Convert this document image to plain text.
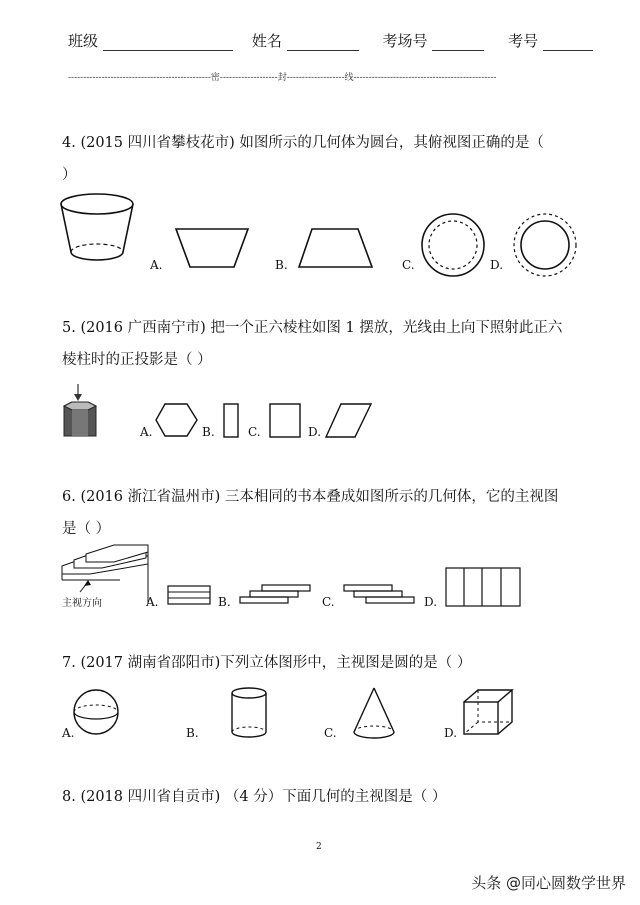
班级	姓名	考场号	考号
-----------------------------------------------密-------------------封-------------------线-----------------------------------------------
4. (2015 四川省攀枝花市) 如图所示的几何体为圆台，其俯视图正确的是（
）
A.	B.	C.	D.
5. (2016 广西南宁市) 把一个正六棱柱如图 1 摆放，光线由上向下照射此正六
棱柱时的正投影是（ ）
A.	B.	C.	D.
6. (2016 浙江省温州市) 三本相同的书本叠成如图所示的几何体，它的主视图
是（ ）
主视方向	A.	B.	C.	D.
7. (2017 湖南省邵阳市)下列立体图形中，主视图是圆的是（ ）
A.	B.	C.	D.
8. (2018 四川省自贡市) （4 分）下面几何的主视图是（ ）
2
头条 @同心圆数学世界
